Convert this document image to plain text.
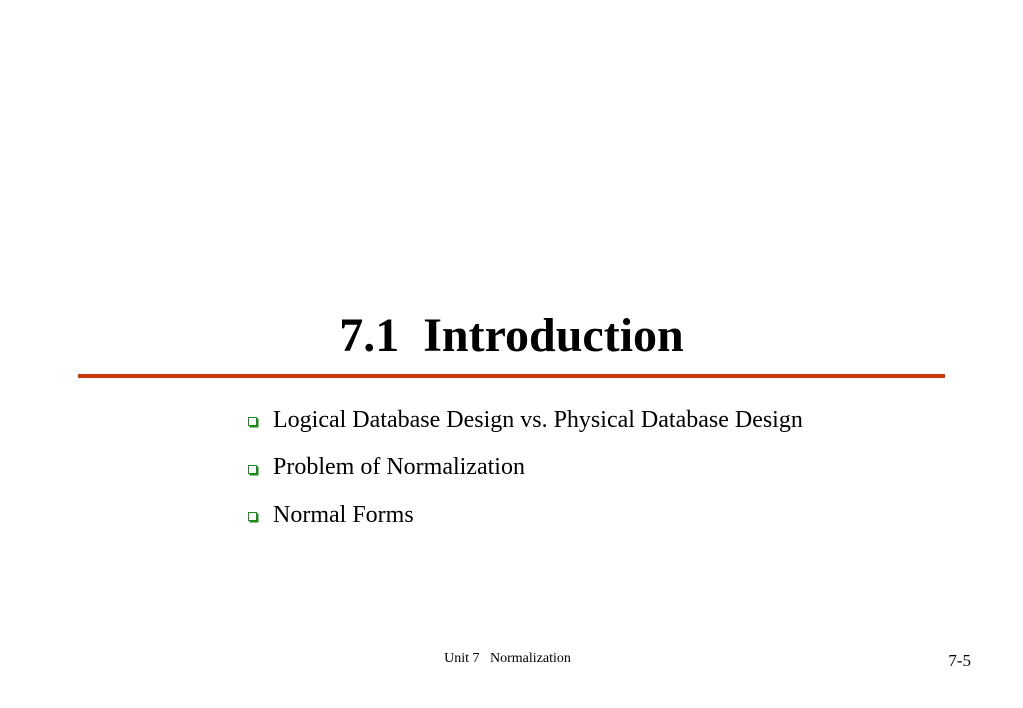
7.1  Introduction
Logical Database Design vs. Physical Database Design
Problem of Normalization
Normal Forms
Unit 7   Normalization	7-5
